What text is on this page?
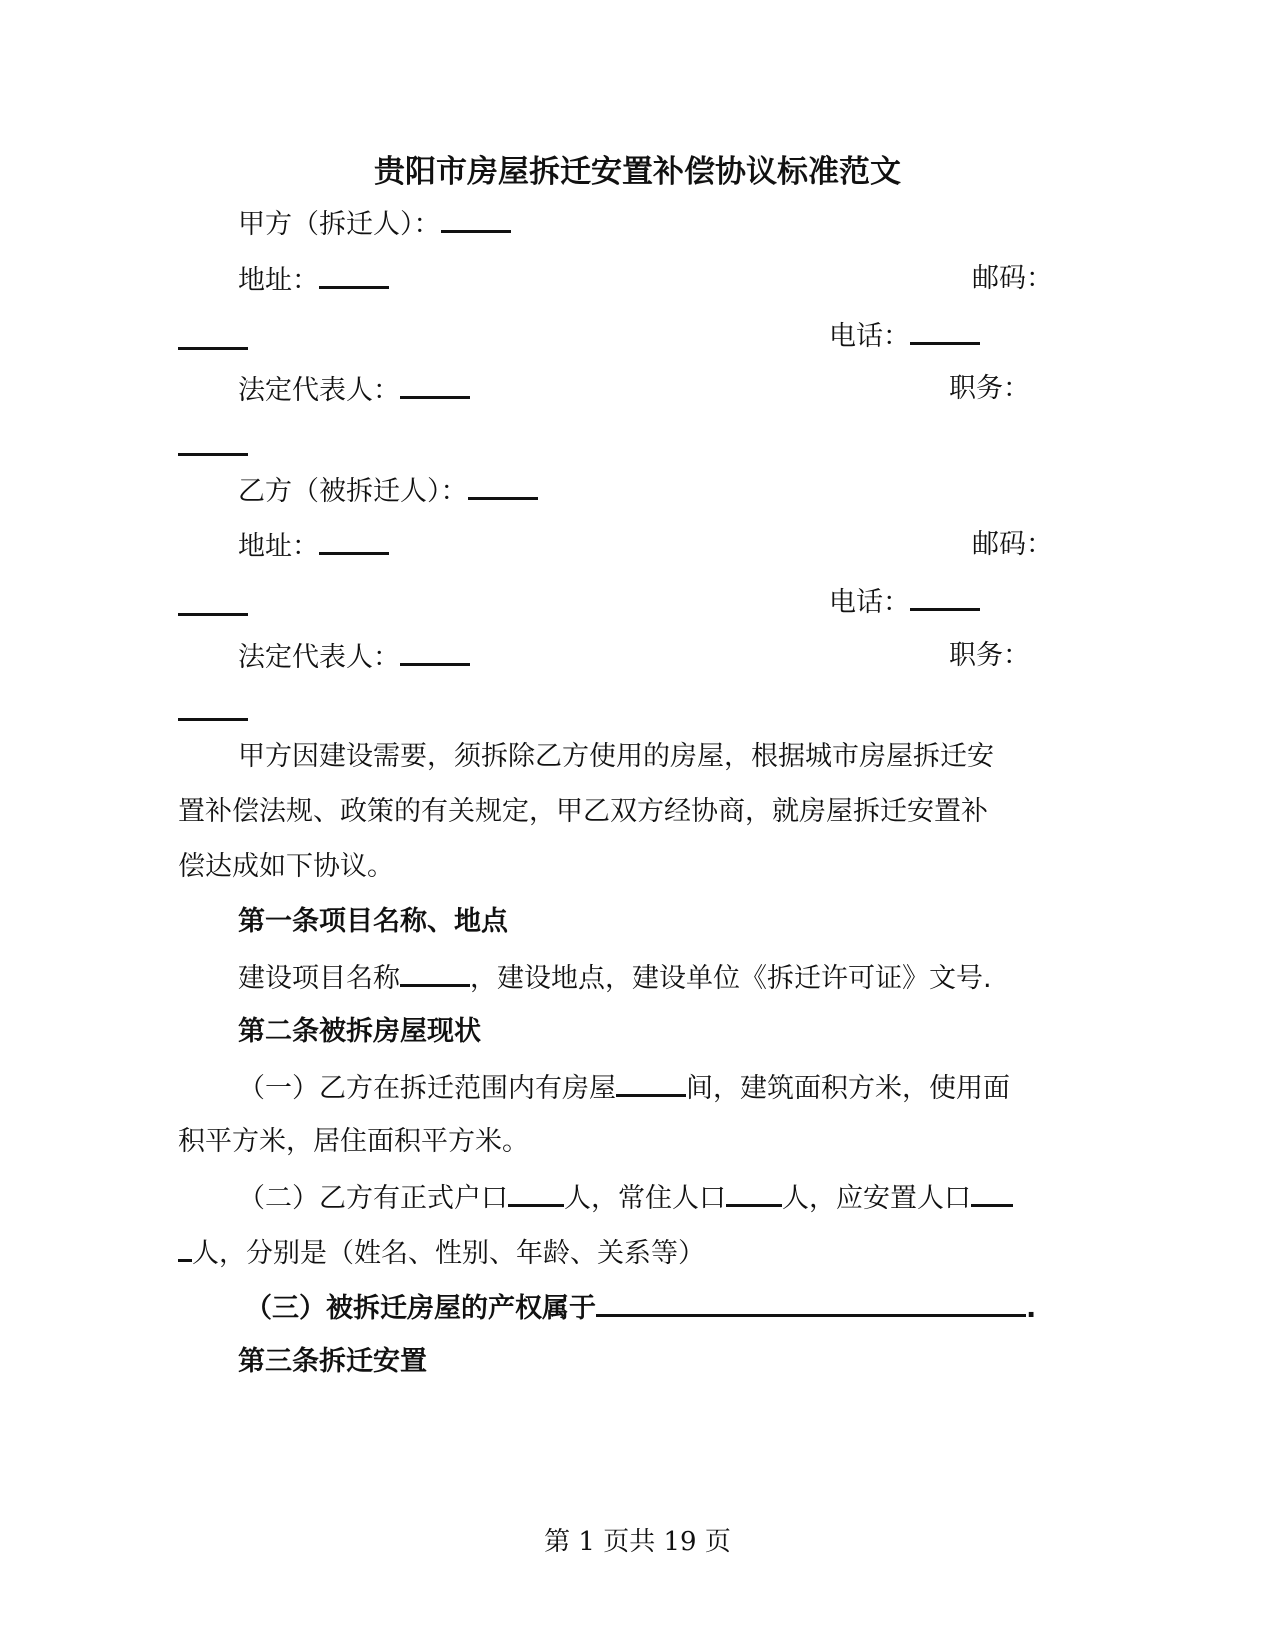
贵阳市房屋拆迁安置补偿协议标准范文
甲方（拆迁人）：
地址：	邮码：
电话：
法定代表人：	职务：
乙方（被拆迁人）：
地址：	邮码：
电话：
法定代表人：	职务：
甲方因建设需要，须拆除乙方使用的房屋，根据城市房屋拆迁安
置补偿法规、政策的有关规定，甲乙双方经协商，就房屋拆迁安置补
偿达成如下协议。
第一条项目名称、地点
建设项目名称	，建设地点，建设单位《拆迁许可证》文号.
第二条被拆房屋现状
（一）乙方在拆迁范围内有房屋	间，建筑面积方米，使用面
积平方米，居住面积平方米。
（二）乙方有正式户口 人，常住人口 人，应安置人口
人，分别是（姓名、性别、年龄、关系等）
（三）被拆迁房屋的产权属于	.
第三条拆迁安置
第 1 页共 19 页
